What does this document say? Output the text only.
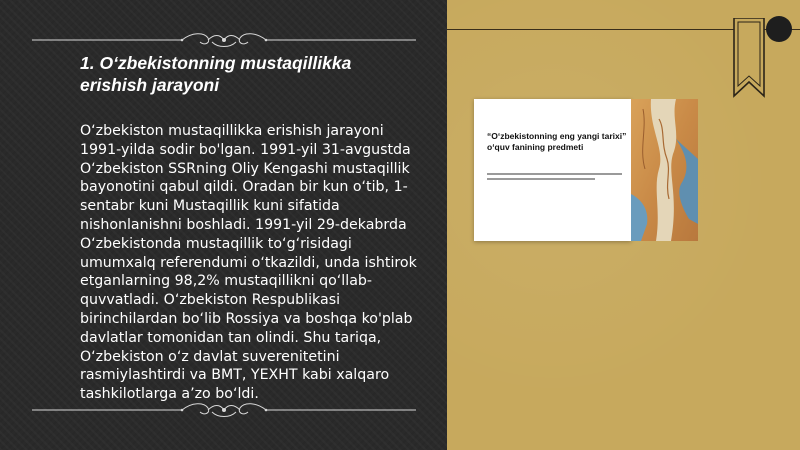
1. O‘zbekistonning mustaqillikka erishish jarayoni

O‘zbekiston mustaqillikka erishish jarayoni 1991-yilda sodir bo'lgan. 1991-yil 31-avgustda O‘zbekiston SSRning Oliy Kengashi mustaqillik bayonotini qabul qildi. Oradan bir kun o‘tib, 1-sentabr kuni Mustaqillik kuni sifatida nishonlanishni boshladi. 1991-yil 29-dekabrda O‘zbekistonda mustaqillik to‘g‘risidagi umumxalq referendumi o‘tkazildi, unda ishtirok etganlarning 98,2% mustaqillikni qo‘llab-quvvatladi. O‘zbekiston Respublikasi birinchilardan bo‘lib Rossiya va boshqa ko'plab davlatlar tomonidan tan olindi. Shu tariqa, O‘zbekiston o‘z davlat suverenitetini rasmiylashtirdi va BMT, YEXHT kabi xalqaro tashkilotlarga a’zo bo‘ldi.

“O‘zbekistonning eng yangi tarixi” o‘quv fanining predmeti
